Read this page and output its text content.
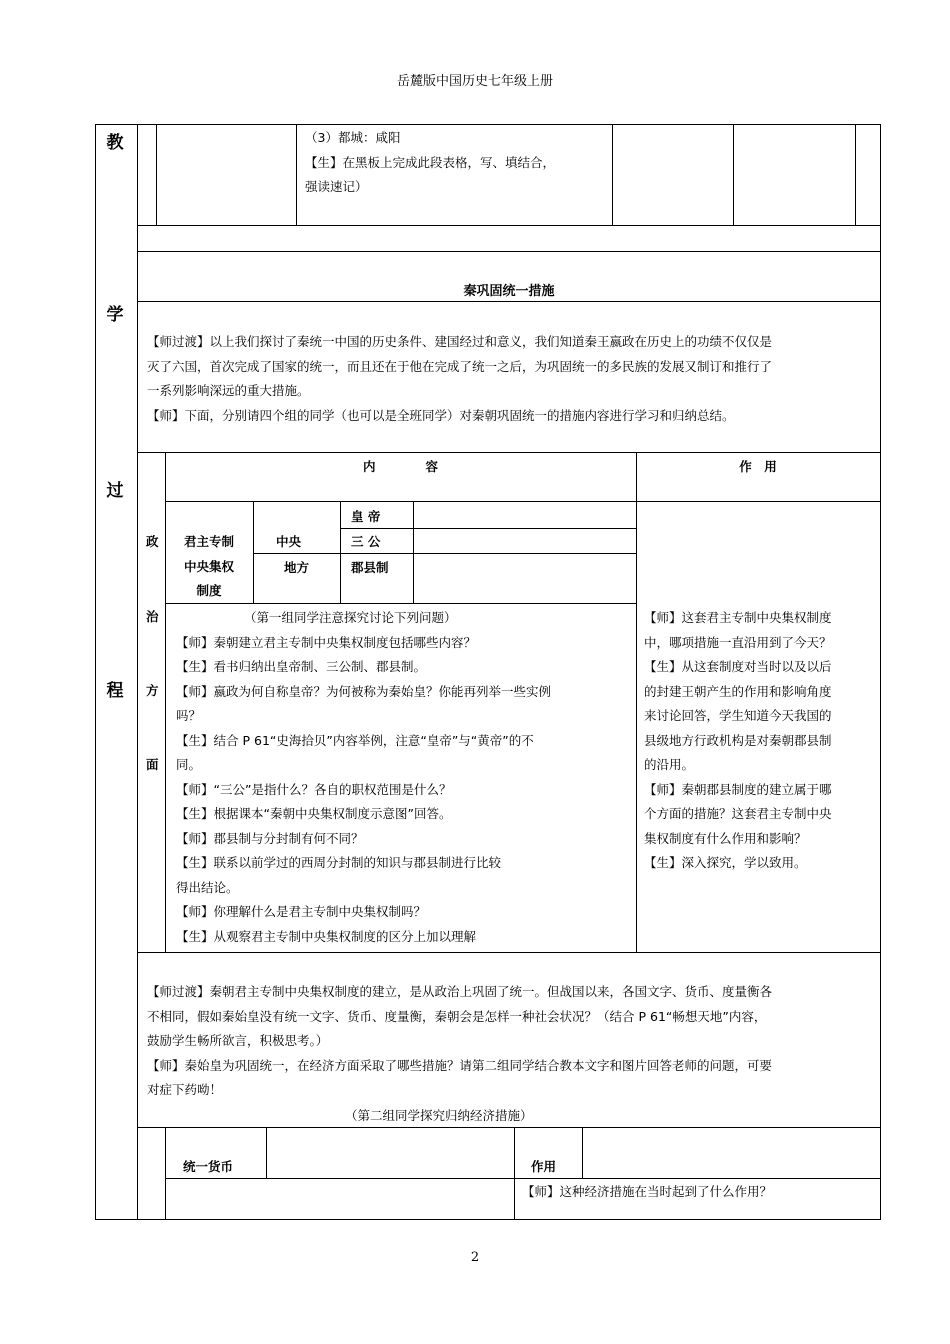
岳麓版中国历史七年级上册
教
学
过
程
（3）都城：咸阳
【生】在黑板上完成此段表格，写、填结合，
强读速记）
秦巩固统一措施
【师过渡】以上我们探讨了秦统一中国的历史条件、建国经过和意义，我们知道秦王嬴政在历史上的功绩不仅仅是
灭了六国，首次完成了国家的统一，而且还在于他在完成了统一之后，为巩固统一的多民族的发展又制订和推行了
一系列影响深远的重大措施。
【师】下面，分别请四个组的同学（也可以是全班同学）对秦朝巩固统一的措施内容进行学习和归纳总结。
内　　　　容	作　用
政
治
方
面
君主专制
中央集权
制度
中央
地方
皇 帝
三 公
郡县制
（第一组同学注意探究讨论下列问题）
【师】秦朝建立君主专制中央集权制度包括哪些内容？
【生】看书归纳出皇帝制、三公制、郡县制。
【师】嬴政为何自称皇帝？为何被称为秦始皇？你能再列举一些实例
吗？
【生】结合 P 61“史海拾贝”内容举例，注意“皇帝”与“黄帝”的不
同。
【师】“三公”是指什么？各自的职权范围是什么？
【生】根据课本“秦朝中央集权制度示意图”回答。
【师】郡县制与分封制有何不同？
【生】联系以前学过的西周分封制的知识与郡县制进行比较
得出结论。
【师】你理解什么是君主专制中央集权制吗？
【生】从观察君主专制中央集权制度的区分上加以理解
【师】这套君主专制中央集权制度
中，哪项措施一直沿用到了今天？
【生】从这套制度对当时以及以后
的封建王朝产生的作用和影响角度
来讨论回答，学生知道今天我国的
县级地方行政机构是对秦朝郡县制
的沿用。
【师】秦朝郡县制度的建立属于哪
个方面的措施？这套君主专制中央
集权制度有什么作用和影响？
【生】深入探究，学以致用。
【师过渡】秦朝君主专制中央集权制度的建立，是从政治上巩固了统一。但战国以来，各国文字、货币、度量衡各
不相同，假如秦始皇没有统一文字、货币、度量衡，秦朝会是怎样一种社会状况？（结合 P 61“畅想天地”内容，
鼓励学生畅所欲言，积极思考。）
【师】秦始皇为巩固统一，在经济方面采取了哪些措施？请第二组同学结合教本文字和图片回答老师的问题，可要
对症下药呦！
（第二组同学探究归纳经济措施）
统一货币	作用
【师】这种经济措施在当时起到了什么作用？
2
